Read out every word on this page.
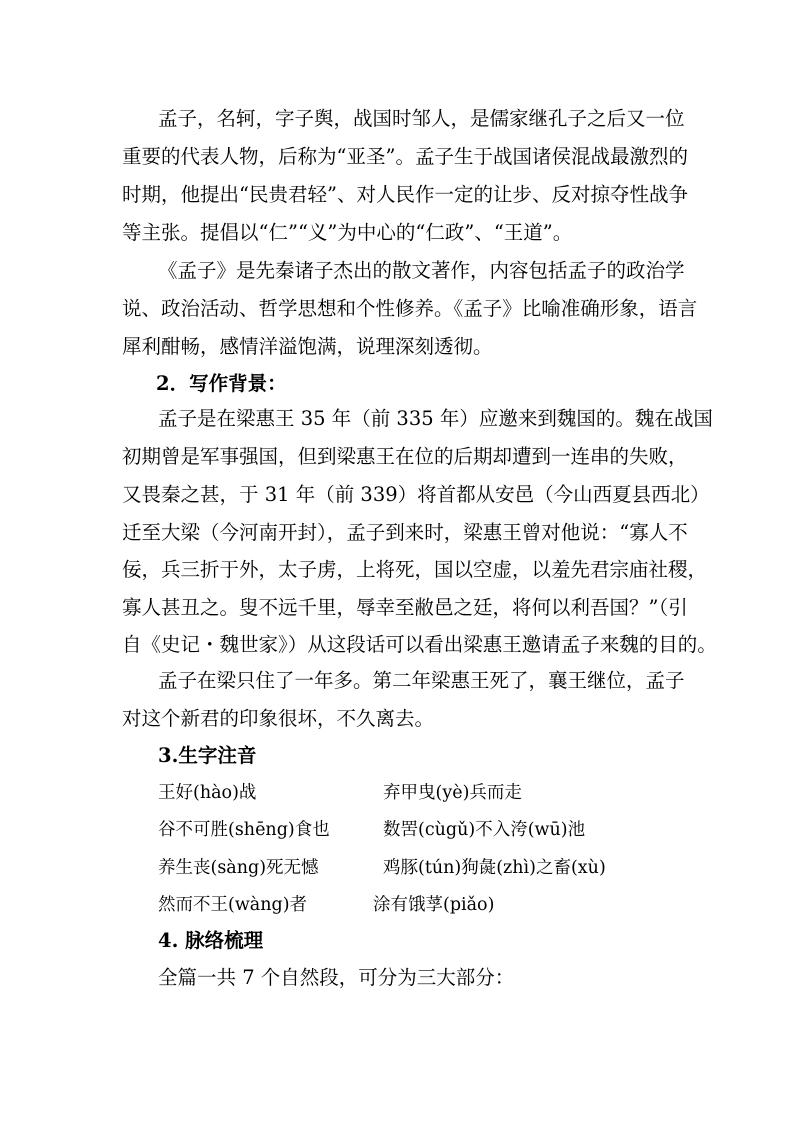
孟子，名轲，字子舆，战国时邹人，是儒家继孔子之后又一位
重要的代表人物，后称为“亚圣”。孟子生于战国诸侯混战最激烈的
时期，他提出“民贵君轻”、对人民作一定的让步、反对掠夺性战争
等主张。提倡以“仁”“义”为中心的“仁政”、“王道”。
《孟子》是先秦诸子杰出的散文著作，内容包括孟子的政治学
说、政治活动、哲学思想和个性修养。《孟子》比喻准确形象，语言
犀利酣畅，感情洋溢饱满，说理深刻透彻。
2．写作背景：
孟子是在梁惠王 35 年（前 335 年）应邀来到魏国的。魏在战国
初期曾是军事强国，但到梁惠王在位的后期却遭到一连串的失败，
又畏秦之甚，于 31 年（前 339）将首都从安邑（今山西夏县西北）
迁至大梁（今河南开封），孟子到来时，梁惠王曾对他说：“寡人不
佞，兵三折于外，太子虏，上将死，国以空虚，以羞先君宗庙社稷，
寡人甚丑之。叟不远千里，辱幸至敝邑之廷，将何以利吾国？”（引
自《史记・魏世家》）从这段话可以看出梁惠王邀请孟子来魏的目的。
孟子在梁只住了一年多。第二年梁惠王死了，襄王继位，孟子
对这个新君的印象很坏，不久离去。
3.生字注音
王好(hào)战	弃甲曳(yè)兵而走
谷不可胜(shēng)食也	数罟(cùgǔ)不入洿(wū)池
养生丧(sàng)死无憾	鸡豚(tún)狗彘(zhì)之畜(xù)
然而不王(wàng)者	涂有饿莩(piǎo)
4. 脉络梳理
全篇一共 7 个自然段，可分为三大部分：
